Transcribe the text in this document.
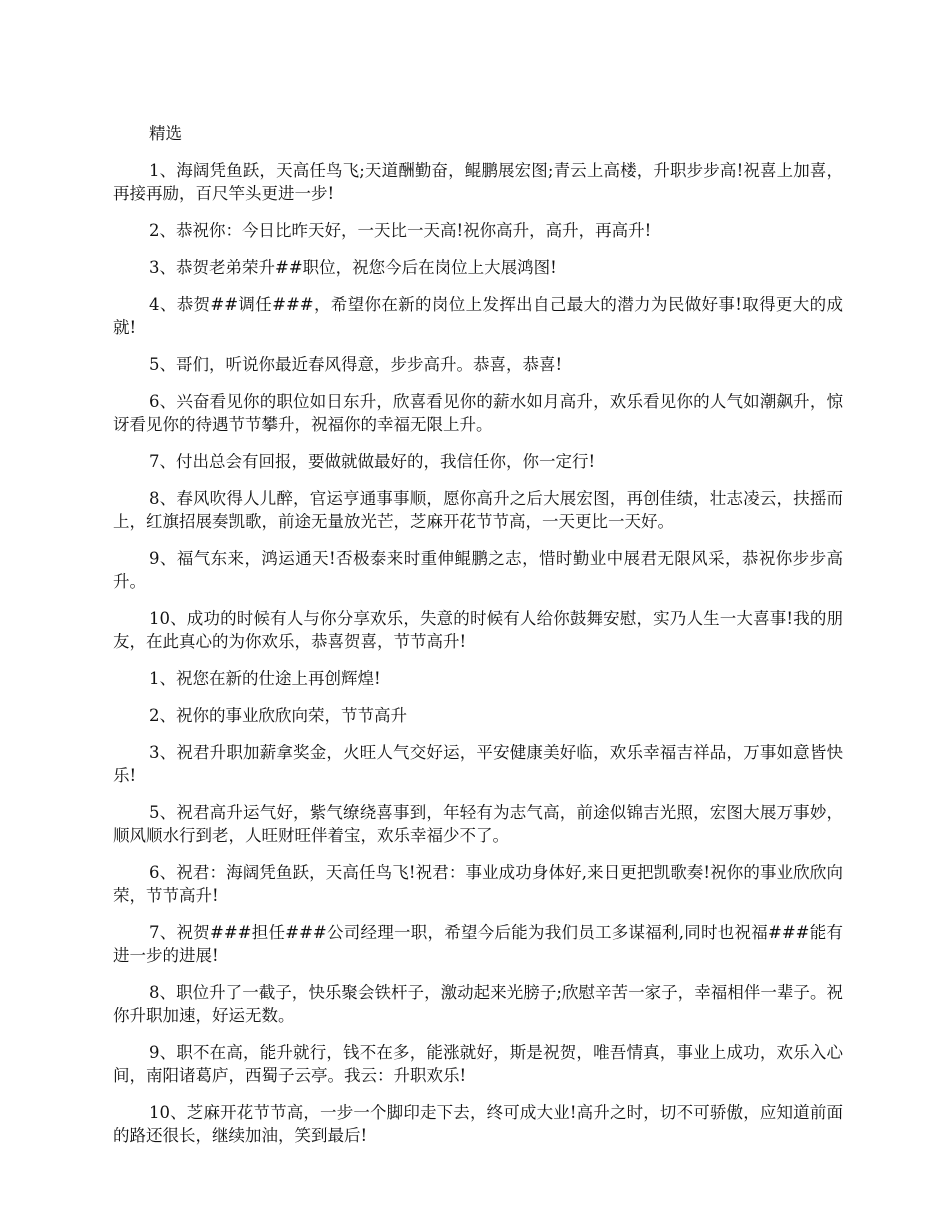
精选

1、海阔凭鱼跃，天高任鸟飞;天道酬勤奋，鲲鹏展宏图;青云上高楼，升职步步高!祝喜上加喜，再接再励，百尺竿头更进一步!

2、恭祝你：今日比昨天好，一天比一天高!祝你高升，高升，再高升!

3、恭贺老弟荣升##职位，祝您今后在岗位上大展鸿图!

4、恭贺##调任###，希望你在新的岗位上发挥出自己最大的潜力为民做好事!取得更大的成就!

5、哥们，听说你最近春风得意，步步高升。恭喜，恭喜!

6、兴奋看见你的职位如日东升，欣喜看见你的薪水如月高升，欢乐看见你的人气如潮飙升，惊讶看见你的待遇节节攀升，祝福你的幸福无限上升。

7、付出总会有回报，要做就做最好的，我信任你，你一定行!

8、春风吹得人儿醉，官运亨通事事顺，愿你高升之后大展宏图，再创佳绩，壮志凌云，扶摇而上，红旗招展奏凯歌，前途无量放光芒，芝麻开花节节高，一天更比一天好。

9、福气东来，鸿运通天!否极泰来时重伸鲲鹏之志，惜时勤业中展君无限风采，恭祝你步步高升。

10、成功的时候有人与你分享欢乐，失意的时候有人给你鼓舞安慰，实乃人生一大喜事!我的朋友，在此真心的为你欢乐，恭喜贺喜，节节高升!

1、祝您在新的仕途上再创辉煌!

2、祝你的事业欣欣向荣，节节高升

3、祝君升职加薪拿奖金，火旺人气交好运，平安健康美好临，欢乐幸福吉祥品，万事如意皆快乐!

5、祝君高升运气好，紫气缭绕喜事到，年轻有为志气高，前途似锦吉光照，宏图大展万事妙，顺风顺水行到老，人旺财旺伴着宝，欢乐幸福少不了。

6、祝君：海阔凭鱼跃，天高任鸟飞!祝君：事业成功身体好,来日更把凯歌奏!祝你的事业欣欣向荣，节节高升!

7、祝贺###担任###公司经理一职，希望今后能为我们员工多谋福利,同时也祝福###能有进一步的进展!

8、职位升了一截子，快乐聚会铁杆子，激动起来光膀子;欣慰辛苦一家子，幸福相伴一辈子。祝你升职加速，好运无数。

9、职不在高，能升就行，钱不在多，能涨就好，斯是祝贺，唯吾情真，事业上成功，欢乐入心间，南阳诸葛庐，西蜀子云亭。我云：升职欢乐!

10、芝麻开花节节高，一步一个脚印走下去，终可成大业!高升之时，切不可骄傲，应知道前面的路还很长，继续加油，笑到最后!
